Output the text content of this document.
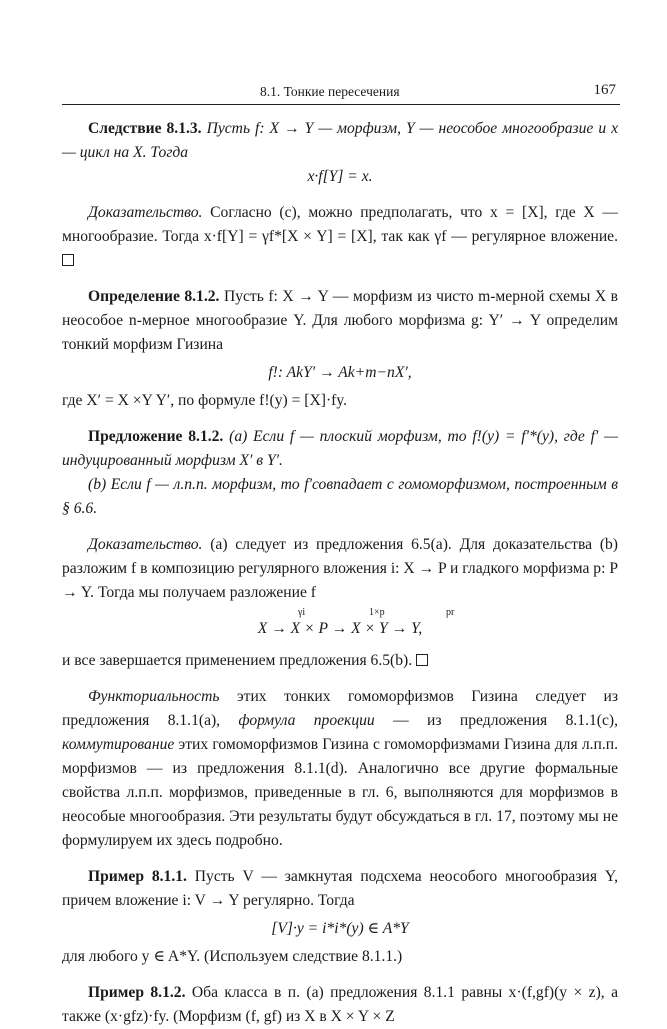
8.1. Тонкие пересечения	167

Следствие 8.1.3. Пусть f: X → Y — морфизм, Y — неособое многообразие и x — цикл на X. Тогда

x·f[Y] = x.

Доказательство. Согласно (с), можно предполагать, что x = [X], где X — многообразие. Тогда x·f[Y] = γf*[X × Y] = [X], так как γf — регулярное вложение.

Определение 8.1.2. Пусть f: X → Y — морфизм из чисто m-мерной схемы X в неособое n-мерное многообразие Y. Для любого морфизма g: Y′ → Y определим тонкий морфизм Гизина

f!: AkY′ → Ak+m−nX′,

где X′ = X ×Y Y′, по формуле f!(y) = [X]·fy.

Предложение 8.1.2. (а) Если f — плоский морфизм, то f!(y) = f′*(y), где f′ — индуцированный морфизм X′ в Y′.

(b) Если f — л.п.п. морфизм, то f′совпадает с гомоморфизмом, построенным в § 6.6.

Доказательство. (а) следует из предложения 6.5(а). Для доказательства (b) разложим f в композицию регулярного вложения i: X → P и гладкого морфизма p: P → Y. Тогда мы получаем разложение f

γi	1×p	pr
X → X × P → X × Y → Y,

и все завершается применением предложения 6.5(b).

Функториальность этих тонких гомоморфизмов Гизина следует из предложения 8.1.1(а), формула проекции — из предложения 8.1.1(с), коммутирование этих гомоморфизмов Гизина с гомоморфизмами Гизина для л.п.п. морфизмов — из предложения 8.1.1(d). Аналогично все другие формальные свойства л.п.п. морфизмов, приведенные в гл. 6, выполняются для морфизмов в неособые многообразия. Эти результаты будут обсуждаться в гл. 17, поэтому мы не формулируем их здесь подробно.

Пример 8.1.1. Пусть V — замкнутая подсхема неособого многообразия Y, причем вложение i: V → Y регулярно. Тогда

[V]·y = i*i*(y) ∈ A*Y

для любого y ∈ A*Y. (Используем следствие 8.1.1.)

Пример 8.1.2. Оба класса в п. (а) предложения 8.1.1 равны x·(f,gf)(y × z), а также (x·gfz)·fy. (Морфизм (f, gf) из X в X × Y × Z
